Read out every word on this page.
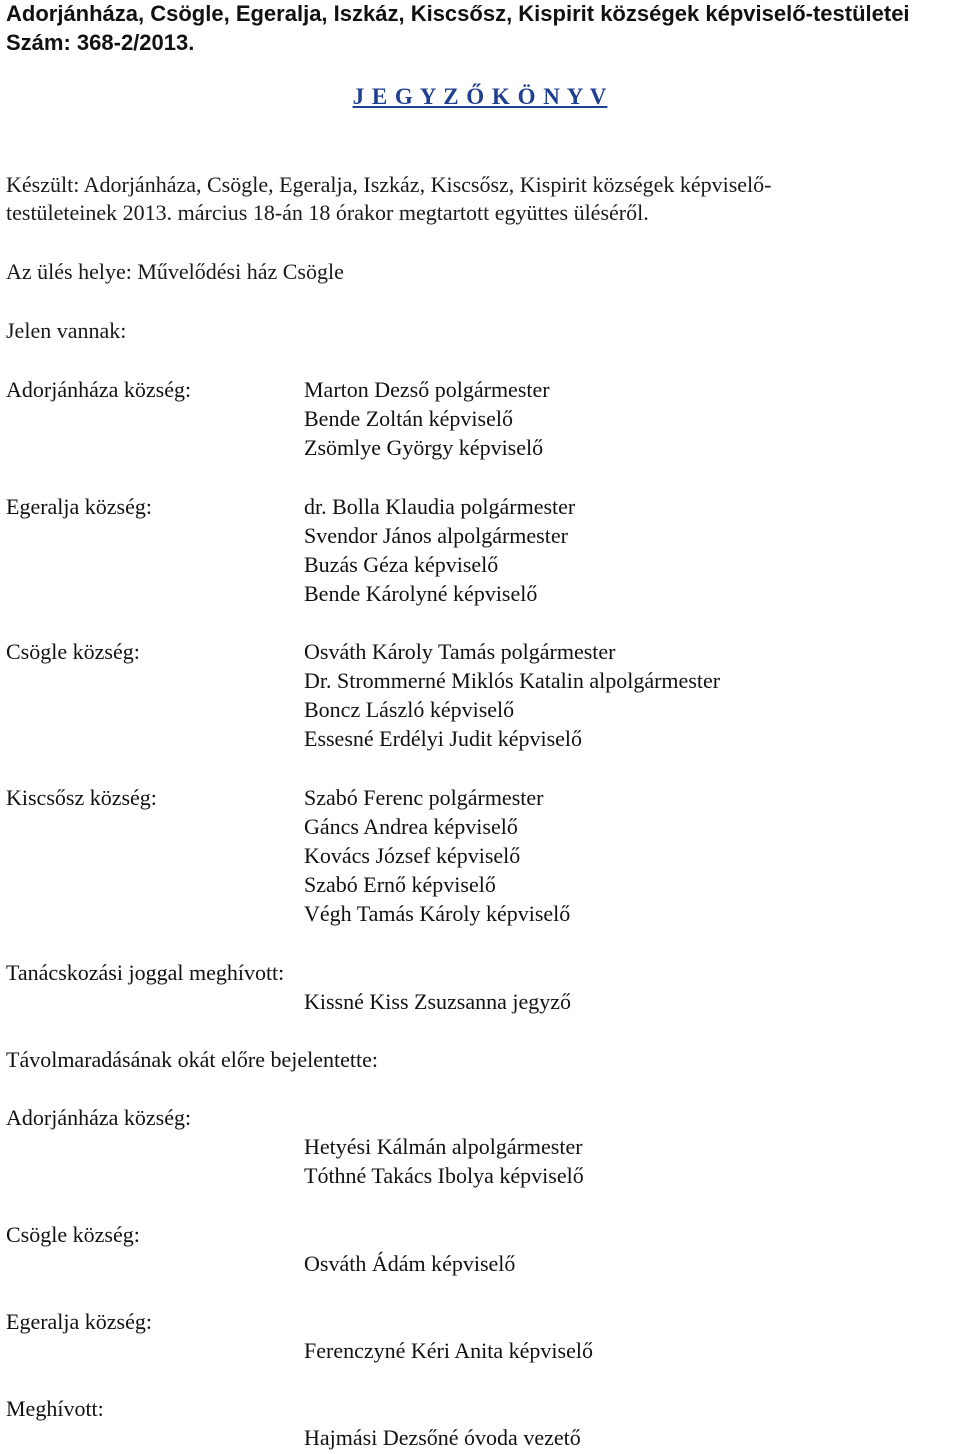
Adorjánháza, Csögle, Egeralja, Iszkáz, Kiscsősz, Kispirit községek képviselő-testületei
Szám: 368-2/2013.
J E G Y Z Ő K Ö N Y V
Készült: Adorjánháza, Csögle, Egeralja, Iszkáz, Kiscsősz, Kispirit községek képviselő-
testületeinek 2013. március 18-án 18 órakor megtartott együttes üléséről.
Az ülés helye: Művelődési ház Csögle
Jelen vannak:
Adorjánháza község:	Marton Dezső polgármester
Bende Zoltán képviselő
Zsömlye György képviselő
Egeralja község:	dr. Bolla Klaudia polgármester
Svendor János alpolgármester
Buzás Géza képviselő
Bende Károlyné képviselő
Csögle község:	Osváth Károly Tamás polgármester
Dr. Strommerné Miklós Katalin alpolgármester
Boncz László képviselő
Essesné Erdélyi Judit képviselő
Kiscsősz község:	Szabó Ferenc polgármester
Gáncs Andrea képviselő
Kovács József képviselő
Szabó Ernő képviselő
Végh Tamás Károly képviselő
Tanácskozási joggal meghívott:
Kissné Kiss Zsuzsanna jegyző
Távolmaradásának okát előre bejelentette:
Adorjánháza község:
Hetyési Kálmán alpolgármester
Tóthné Takács Ibolya képviselő
Csögle község:
Osváth Ádám képviselő
Egeralja község:
Ferenczyné Kéri Anita képviselő
Meghívott:
Hajmási Dezsőné óvoda vezető
